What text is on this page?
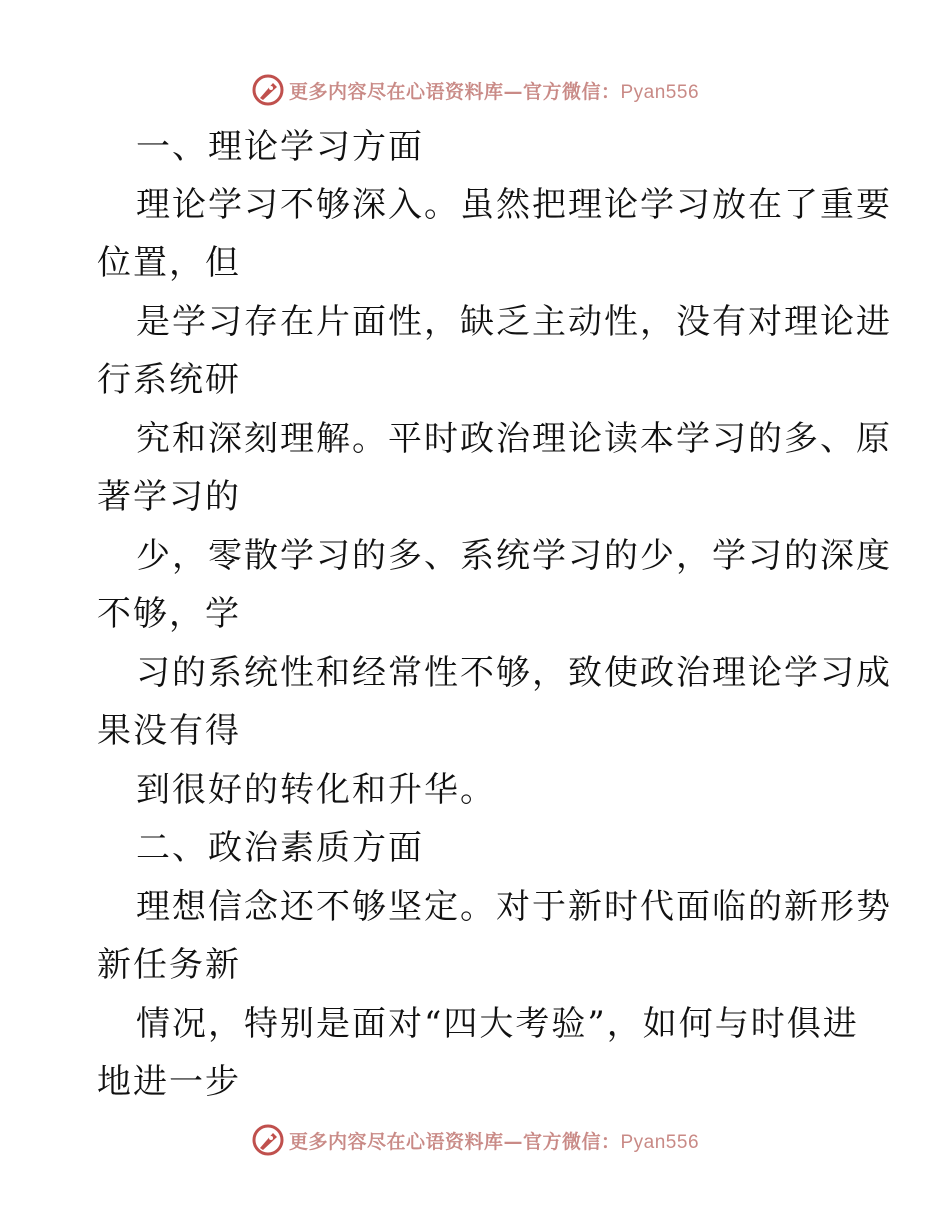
更多内容尽在心语资料库—官方微信：Pyan556
一、理论学习方面
理论学习不够深入。虽然把理论学习放在了重要
位置，但
是学习存在片面性，缺乏主动性，没有对理论进
行系统研
究和深刻理解。平时政治理论读本学习的多、原
著学习的
少，零散学习的多、系统学习的少，学习的深度
不够，学
习的系统性和经常性不够，致使政治理论学习成
果没有得
到很好的转化和升华。
二、政治素质方面
理想信念还不够坚定。对于新时代面临的新形势
新任务新
情况，特别是面对“四大考验”，如何与时俱进
地进一步
更多内容尽在心语资料库—官方微信：Pyan556
